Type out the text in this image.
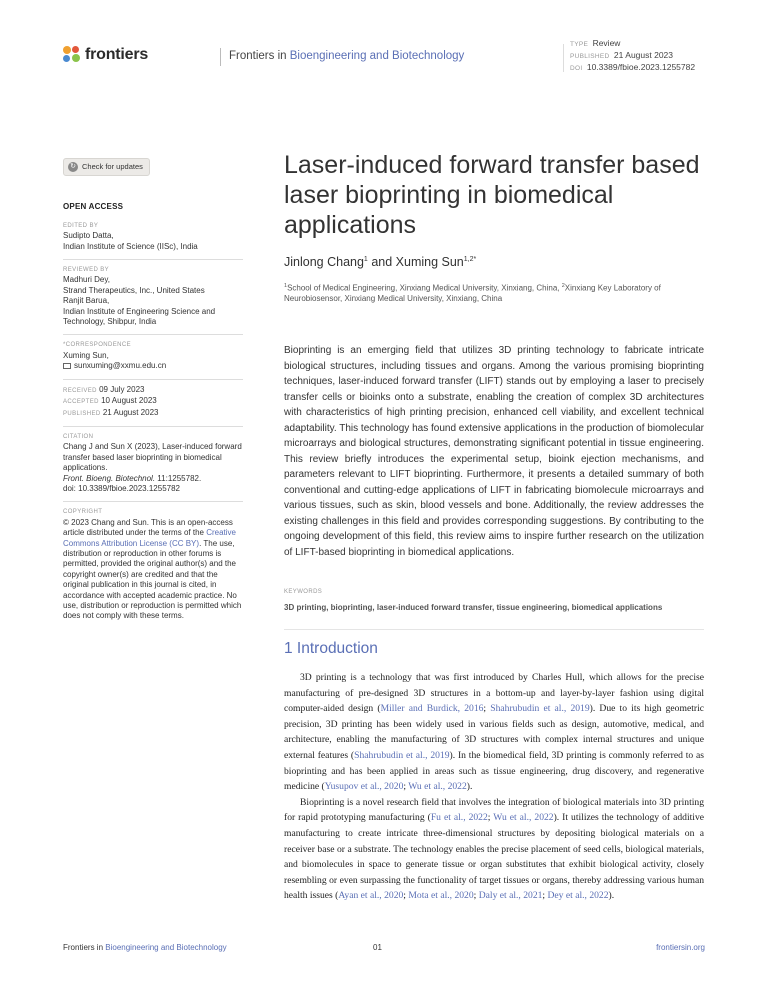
frontiers	Frontiers in Bioengineering and Biotechnology
TYPE Review
PUBLISHED 21 August 2023
DOI 10.3389/fbioe.2023.1255782
↻ Check for updates
OPEN ACCESS
EDITED BY
Sudipto Datta,
Indian Institute of Science (IISc), India
REVIEWED BY
Madhuri Dey,
Strand Therapeutics, Inc., United States
Ranjit Barua,
Indian Institute of Engineering Science and Technology, Shibpur, India
*CORRESPONDENCE
Xuming Sun,
sunxuming@xxmu.edu.cn
RECEIVED 09 July 2023
ACCEPTED 10 August 2023
PUBLISHED 21 August 2023
CITATION
Chang J and Sun X (2023), Laser-induced forward transfer based laser bioprinting in biomedical applications.
Front. Bioeng. Biotechnol. 11:1255782.
doi: 10.3389/fbioe.2023.1255782
COPYRIGHT
© 2023 Chang and Sun. This is an open-access article distributed under the terms of the Creative Commons Attribution License (CC BY). The use, distribution or reproduction in other forums is permitted, provided the original author(s) and the copyright owner(s) are credited and that the original publication in this journal is cited, in accordance with accepted academic practice. No use, distribution or reproduction is permitted which does not comply with these terms.
Laser-induced forward transfer based laser bioprinting in biomedical applications
Jinlong Chang$^1$ and Xuming Sun$^{1,2*}$
$^1$School of Medical Engineering, Xinxiang Medical University, Xinxiang, China, $^2$Xinxiang Key Laboratory of Neurobiosensor, Xinxiang Medical University, Xinxiang, China
Bioprinting is an emerging field that utilizes 3D printing technology to fabricate intricate biological structures, including tissues and organs. Among the various promising bioprinting techniques, laser-induced forward transfer (LIFT) stands out by employing a laser to precisely transfer cells or bioinks onto a substrate, enabling the creation of complex 3D architectures with characteristics of high printing precision, enhanced cell viability, and excellent technical adaptability. This technology has found extensive applications in the production of biomolecular microarrays and biological structures, demonstrating significant potential in tissue engineering. This review briefly introduces the experimental setup, bioink ejection mechanisms, and parameters relevant to LIFT bioprinting. Furthermore, it presents a detailed summary of both conventional and cutting-edge applications of LIFT in fabricating biomolecule microarrays and various tissues, such as skin, blood vessels and bone. Additionally, the review addresses the existing challenges in this field and provides corresponding suggestions. By contributing to the ongoing development of this field, this review aims to inspire further research on the utilization of LIFT-based bioprinting in biomedical applications.
KEYWORDS
3D printing, bioprinting, laser-induced forward transfer, tissue engineering, biomedical applications
1 Introduction

3D printing is a technology that was first introduced by Charles Hull, which allows for the precise manufacturing of pre-designed 3D structures in a bottom-up and layer-by-layer fashion using digital computer-aided design (Miller and Burdick, 2016; Shahrubudin et al., 2019). Due to its high geometric precision, 3D printing has been widely used in various fields such as design, automotive, medical, and architecture, enabling the manufacturing of 3D structures with complex internal structures and unique external features (Shahrubudin et al., 2019). In the biomedical field, 3D printing is commonly referred to as bioprinting and has been applied in areas such as tissue engineering, drug discovery, and regenerative medicine (Yusupov et al., 2020; Wu et al., 2022).

Bioprinting is a novel research field that involves the integration of biological materials into 3D printing for rapid prototyping manufacturing (Fu et al., 2022; Wu et al., 2022). It utilizes the technology of additive manufacturing to create intricate three-dimensional structures by depositing biological materials on a receiver base or a substrate. The technology enables the precise placement of seed cells, biological materials, and biomolecules in space to generate tissue or organ substitutes that exhibit biological activity, closely resembling or even surpassing the functionality of target tissues or organs, thereby addressing various human health issues (Ayan et al., 2020; Mota et al., 2020; Daly et al., 2021; Dey et al., 2022).

Frontiers in Bioengineering and Biotechnology	01	frontiersin.org
